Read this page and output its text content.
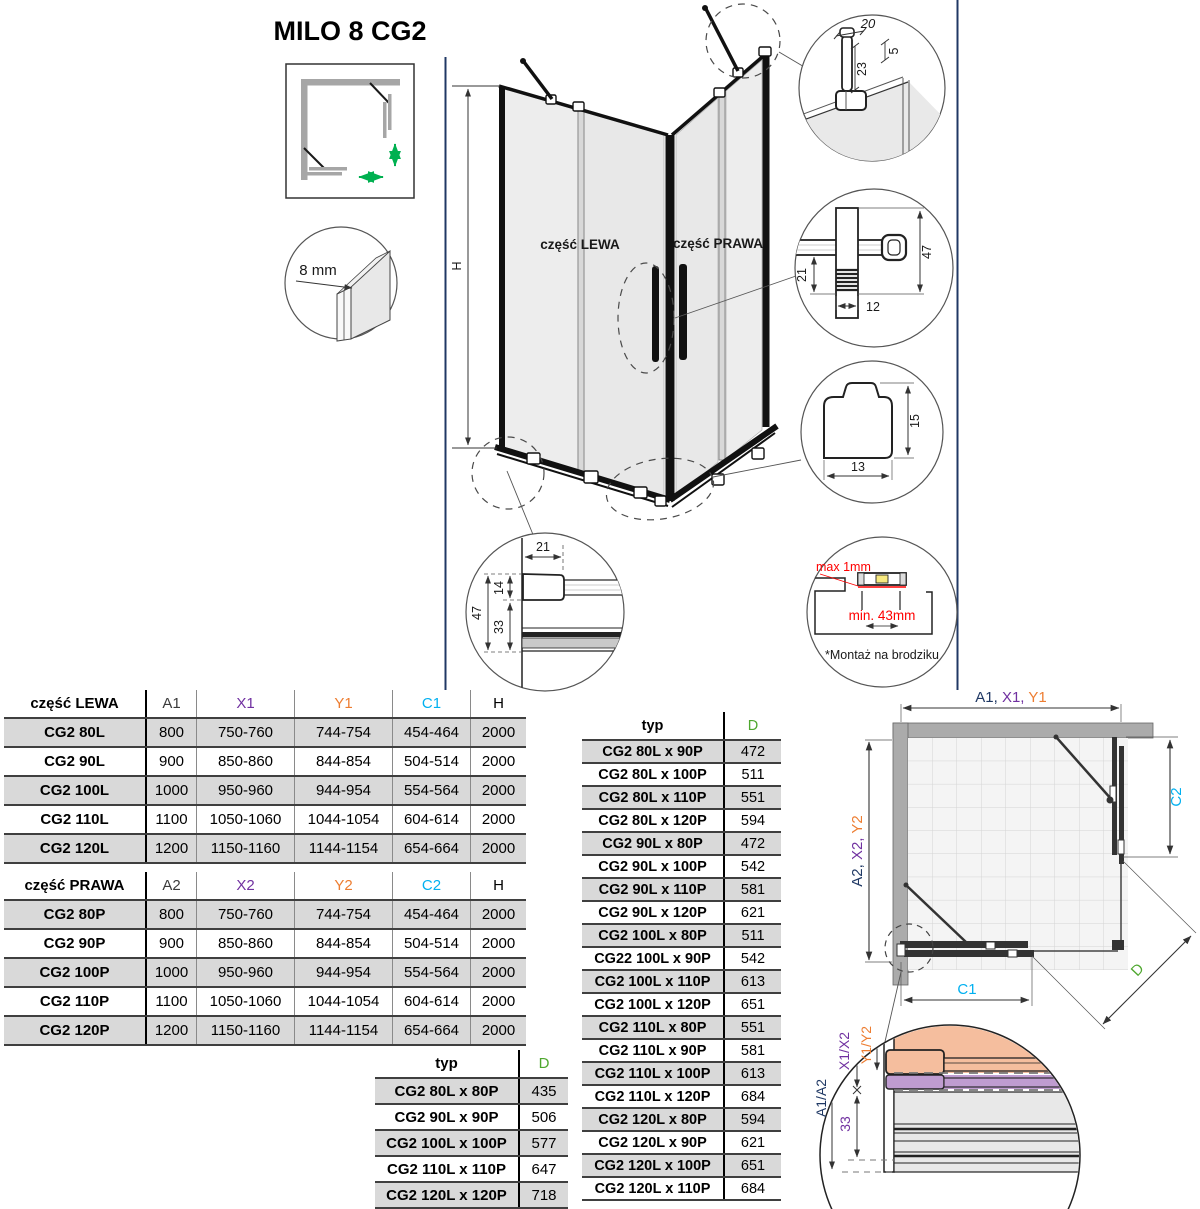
MILO 8 CG2
8 mm
część LEWA	część PRAWA
H
20
5
23
21
47
12
15
13
max 1mm
min. 43mm
*Montaż na brodziku
21
14
47
33
A1, X1, Y1
A2, X2, Y2
C2
C1
D
A1/A2
X1/X2 Y1/Y2
33
część LEWA	A1	X1	Y1	C1	H
CG2 80L	800	750-760	744-754	454-464	2000
CG2 90L	900	850-860	844-854	504-514	2000
CG2 100L	1000	950-960	944-954	554-564	2000
CG2 110L	1100	1050-1060	1044-1054	604-614	2000
CG2 120L	1200	1150-1160	1144-1154	654-664	2000
część PRAWA	A2	X2	Y2	C2	H
CG2 80P	800	750-760	744-754	454-464	2000
CG2 90P	900	850-860	844-854	504-514	2000
CG2 100P	1000	950-960	944-954	554-564	2000
CG2 110P	1100	1050-1060	1044-1054	604-614	2000
CG2 120P	1200	1150-1160	1144-1154	654-664	2000
typ	D
CG2 80L x 90P	472
CG2 80L x 100P	511
CG2 80L x 110P	551
CG2 80L x 120P	594
CG2 90L x 80P	472
CG2 90L x 100P	542
CG2 90L x 110P	581
CG2 90L x 120P	621
CG2 100L x 80P	511
CG22 100L x 90P	542
CG2 100L x 110P	613
CG2 100L x 120P	651
CG2 110L x 80P	551
CG2 110L x 90P	581
CG2 110L x 100P	613
CG2 110L x 120P	684
CG2 120L x 80P	594
CG2 120L x 90P	621
CG2 120L x 100P	651
CG2 120L x 110P	684
typ	D
CG2 80L x 80P	435
CG2 90L x 90P	506
CG2 100L x 100P	577
CG2 110L x 110P	647
CG2 120L x 120P	718
